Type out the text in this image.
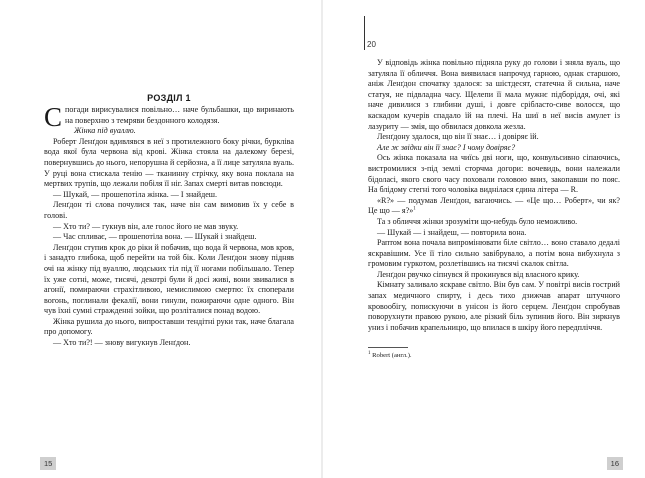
РОЗДІЛ 1

Спогади вирисувалися повільно… наче бульбашки, що виринають на поверхню з темряви бездонного колодязя.

Жінка під вуаллю.

Роберт Ленґдон вдивлявся в неї з протилежного боку річки, буркліва вода якої була червона від крові. Жінка стояла на далекому березі, повернувшись до нього, непорушна й серйозна, а її лице затуляла вуаль. У руці вона стискала тенію — тканинну стрічку, яку вона поклала на мертвих трупів, що лежали побіля її ніг. Запах смерті витав повсюди.

— Шукай, — прошепотіла жінка. — І знайдеш.

Ленґдон ті слова почулися так, наче він сам вимовив їх у себе в голові.

— Хто ти? — гукнув він, але голос його не мав звуку.

— Час спливає, — прошепотіла вона. — Шукай і знайдеш.

Ленґдон ступив крок до ріки й побачив, що вода й червона, мов кров, і занадто глибока, щоб перейти на той бік. Коли Ленґдон знову підняв очі на жінку під вуаллю, людських тіл під її ногами побільшало. Тепер їх уже сотні, може, тисячі, декотрі були й досі живі, вони звивалися в агонії, помираючи страхітливою, немислимою смертю: їх споперали вогонь, поглинали фекалії, вони гинули, пожираючи одне одного. Він чув їхні сумні стражденні зойки, що розліталися понад водою.

Жінка рушила до нього, випроставши тендітні руки так, наче благала про допомогу.

— Хто ти?! — знову вигукнув Ленґдон.

15
20

У відповідь жінка повільно підняла руку до голови і зняла вуаль, що затуляла її обличчя. Вона виявилася напрочуд гарною, однак старшою, аніж Ленґдон спочатку здалося: за шістдесят, статечна й сильна, наче статуя, не підвладна часу. Щелепи її мала мужнє підборіддя, очі, які наче дивилися з глибини душі, і довге срібласто-сиве волосся, що каскадом кучерів спадало їй на плечі. На шиї в неї висів амулет із лазуриту — змія, що обвилася довкола жезла.

Ленґдону здалося, що він її знає… і довіряє їй.

Але ж звідки він її знає? І чому довіряє?

Ось жінка показала на чиїсь дві ноги, що, конвульсивно сіпаючись, вистромилися з-під землі сторчма догори: вочевидь, вони належали бідоласі, якого свого часу поховали головою вниз, закопавши по пояс. На блідому стегні того чоловіка виднілася єдина літера — R.

«R?» — подумав Ленґдон, вагаючись. — «Це що… Роберт», чи як? Це що — я?»$^1$

Та з обличчя жінки зрозуміти що-небудь було неможливо.

— Шукай — і знайдеш, — повторила вона.

Раптом вона почала випромінювати біле світло… воно ставало дедалі яскравішим. Усе її тіло сильно завібрувало, а потім вона вибухнула з громовим гуркотом, розлетівшись на тисячі скалок світла.

Ленґдон рвучко сіпнувся й прокинувся від власного крику.

Кімнату заливало яскраве світло. Він був сам. У повітрі висів гострий запах медичного спирту, і десь тихо дзижчав апарат штучного кровообігу, попискуючи в унісон із його серцем. Ленґдон спробував поворухнути правою рукою, але різкий біль зупинив його. Він зиркнув униз і побачив крапельницю, що впилася в шкіру його передпліччя.

$^1$ Robert (англ.).

16
